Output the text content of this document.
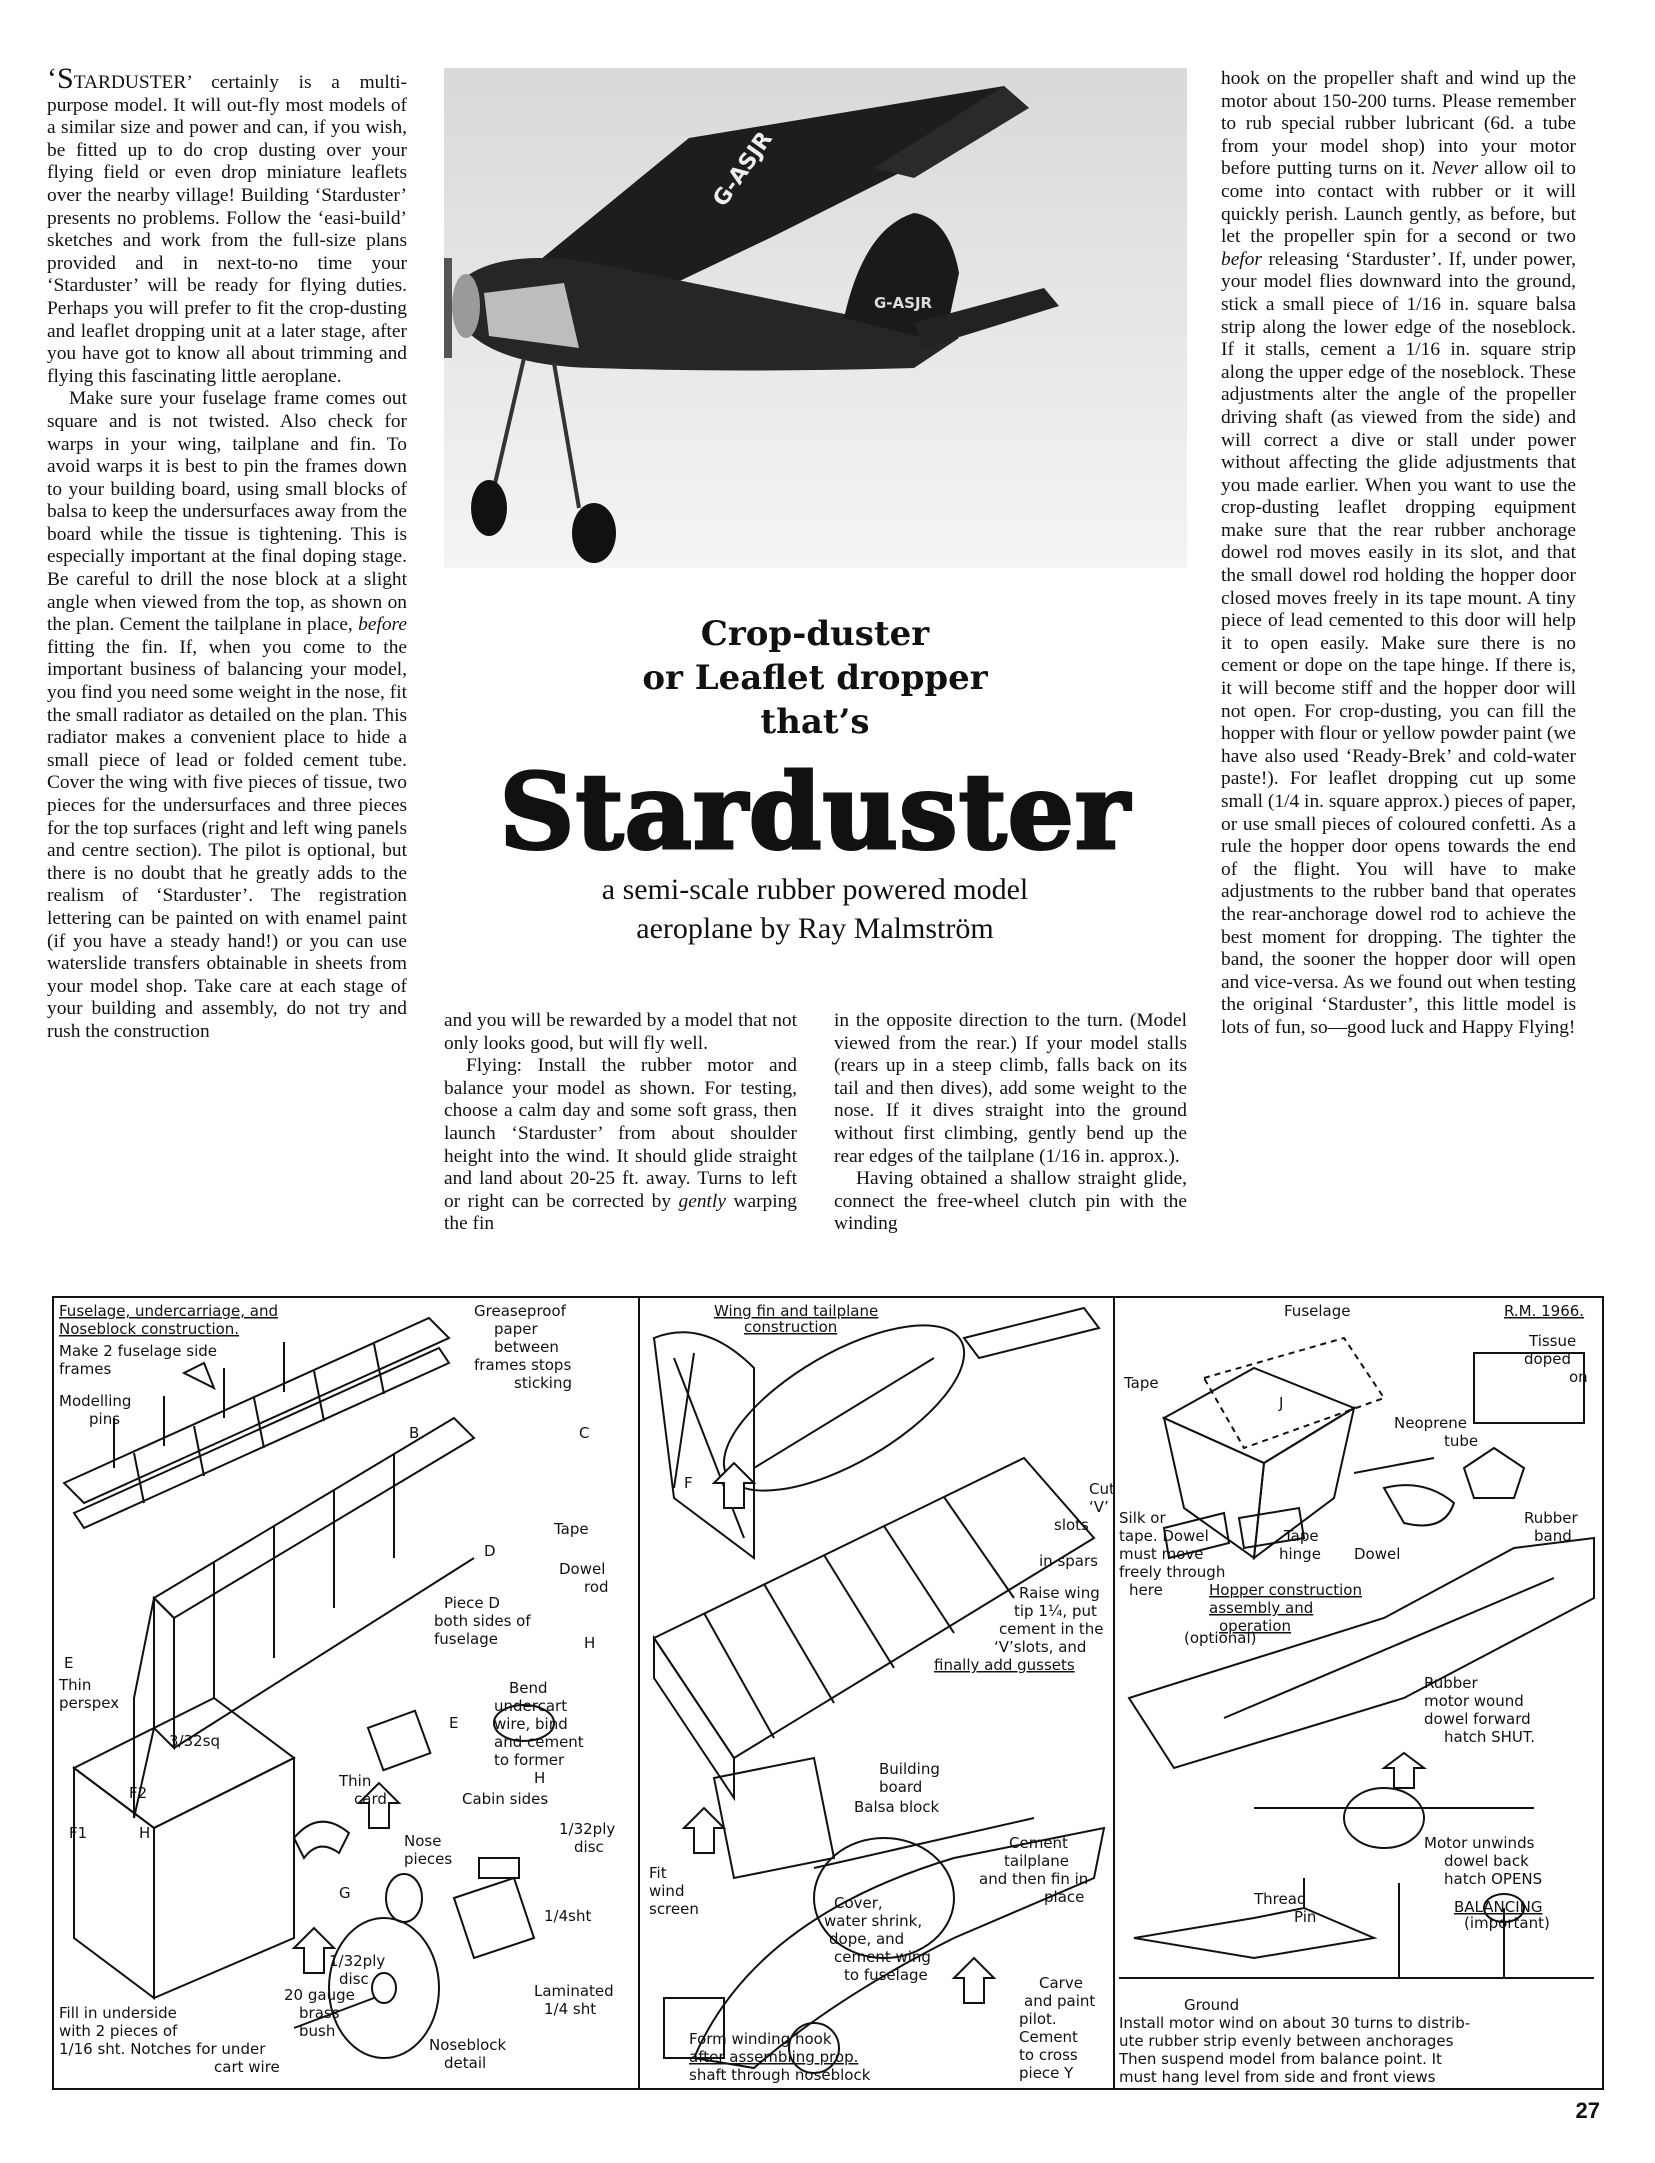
‘STARDUSTER’ certainly is a multi-purpose model. It will out-fly most models of a similar size and power and can, if you wish, be fitted up to do crop dusting over your flying field or even drop miniature leaflets over the nearby village! Building ‘Starduster’ presents no problems. Follow the ‘easi-build’ sketches and work from the full-size plans provided and in next-to-no time your ‘Starduster’ will be ready for flying duties. Perhaps you will prefer to fit the crop-dusting and leaflet dropping unit at a later stage, after you have got to know all about trimming and flying this fascinating little aeroplane.

Make sure your fuselage frame comes out square and is not twisted. Also check for warps in your wing, tailplane and fin. To avoid warps it is best to pin the frames down to your building board, using small blocks of balsa to keep the undersurfaces away from the board while the tissue is tightening. This is especially important at the final doping stage. Be careful to drill the nose block at a slight angle when viewed from the top, as shown on the plan. Cement the tailplane in place, before fitting the fin. If, when you come to the important business of balancing your model, you find you need some weight in the nose, fit the small radiator as detailed on the plan. This radiator makes a convenient place to hide a small piece of lead or folded cement tube. Cover the wing with five pieces of tissue, two pieces for the undersurfaces and three pieces for the top surfaces (right and left wing panels and centre section). The pilot is optional, but there is no doubt that he greatly adds to the realism of ‘Starduster’. The registration lettering can be painted on with enamel paint (if you have a steady hand!) or you can use waterslide transfers obtainable in sheets from your model shop. Take care at each stage of your building and assembly, do not try and rush the construction

G-ASJR
G-ASJR

Crop-duster

or Leaflet dropper

that’s

Starduster

a semi-scale rubber powered model

aeroplane by Ray Malmström

and you will be rewarded by a model that not only looks good, but will fly well.

Flying: Install the rubber motor and balance your model as shown. For testing, choose a calm day and some soft grass, then launch ‘Starduster’ from about shoulder height into the wind. It should glide straight and land about 20-25 ft. away. Turns to left or right can be corrected by gently warping the fin

in the opposite direction to the turn. (Model viewed from the rear.) If your model stalls (rears up in a steep climb, falls back on its tail and then dives), add some weight to the nose. If it dives straight into the ground without first climbing, gently bend up the rear edges of the tailplane (1/16 in. approx.).

Having obtained a shallow straight glide, connect the free-wheel clutch pin with the winding

hook on the propeller shaft and wind up the motor about 150-200 turns. Please remember to rub special rubber lubricant (6d. a tube from your model shop) into your motor before putting turns on it. Never allow oil to come into contact with rubber or it will quickly perish. Launch gently, as before, but let the propeller spin for a second or two befor releasing ‘Starduster’. If, under power, your model flies downward into the ground, stick a small piece of 1/16 in. square balsa strip along the lower edge of the noseblock. If it stalls, cement a 1/16 in. square strip along the upper edge of the noseblock. These adjustments alter the angle of the propeller driving shaft (as viewed from the side) and will correct a dive or stall under power without affecting the glide adjustments that you made earlier. When you want to use the crop-dusting leaflet dropping equipment make sure that the rear rubber anchorage dowel rod moves easily in its slot, and that the small dowel rod holding the hopper door closed moves freely in its tape mount. A tiny piece of lead cemented to this door will help it to open easily. Make sure there is no cement or dope on the tape hinge. If there is, it will become stiff and the hopper door will not open. For crop-dusting, you can fill the hopper with flour or yellow powder paint (we have also used ‘Ready-Brek’ and cold-water paste!). For leaflet dropping cut up some small (1/4 in. square approx.) pieces of paper, or use small pieces of coloured confetti. As a rule the hopper door opens towards the end of the flight. You will have to make adjustments to the rubber band that operates the rear-anchorage dowel rod to achieve the best moment for dropping. The tighter the band, the sooner the hopper door will open and vice-versa. As we found out when testing the original ‘Starduster’, this little model is lots of fun, so—good luck and Happy Flying!

Fuselage, undercarriage, and
Noseblock construction.
Make 2 fuselage side
frames
Modelling
pins
Greaseproof
paper
between
frames stops
sticking
B	C
D
Tape
Dowel
rod
Piece D
both sides of
fuselage	H
E
Thin
perspex
3/32sq
Bend
undercart
wire, bind
and cement
to former
H
E
F2
F1	H
Thin
card	Cabin sides
1/32ply
disc
Nose
pieces
G
1/4sht
1/32ply
disc
20 gauge
brass
bush
Laminated
1/4 sht
Fill in underside
with 2 pieces of
1/16 sht. Notches for under
cart wire
Noseblock
detail
Wing fin and tailplane
construction
F	Cut
‘V’
slots
in spars
Raise wing
tip 1¼, put
cement in the
‘V’slots, and
finally add gussets
Building
board
Balsa block
Cement
tailplane
and then fin in
place
Fit
wind
screen	Cover,
water shrink,
dope, and
cement wing
to fuselage	Carve
and paint
pilot.
Cement
to cross
piece Y
Form winding hook
after assembling prop.
shaft through noseblock
Fuselage	R.M. 1966.
Tissue
doped
on
Tape
J
Neoprene
tube
Silk or
tape. Dowel
must move
freely through
here
Tape
hinge Dowel
Rubber
band
Hopper construction
assembly and
operation
(optional)
Rubber
motor wound
dowel forward
hatch SHUT.
Motor unwinds
dowel back
hatch OPENS
Thread
Pin
BALANCING
(important)
Ground
Install motor wind on about 30 turns to distrib-
ute rubber strip evenly between anchorages
Then suspend model from balance point. It
must hang level from side and front views
27
